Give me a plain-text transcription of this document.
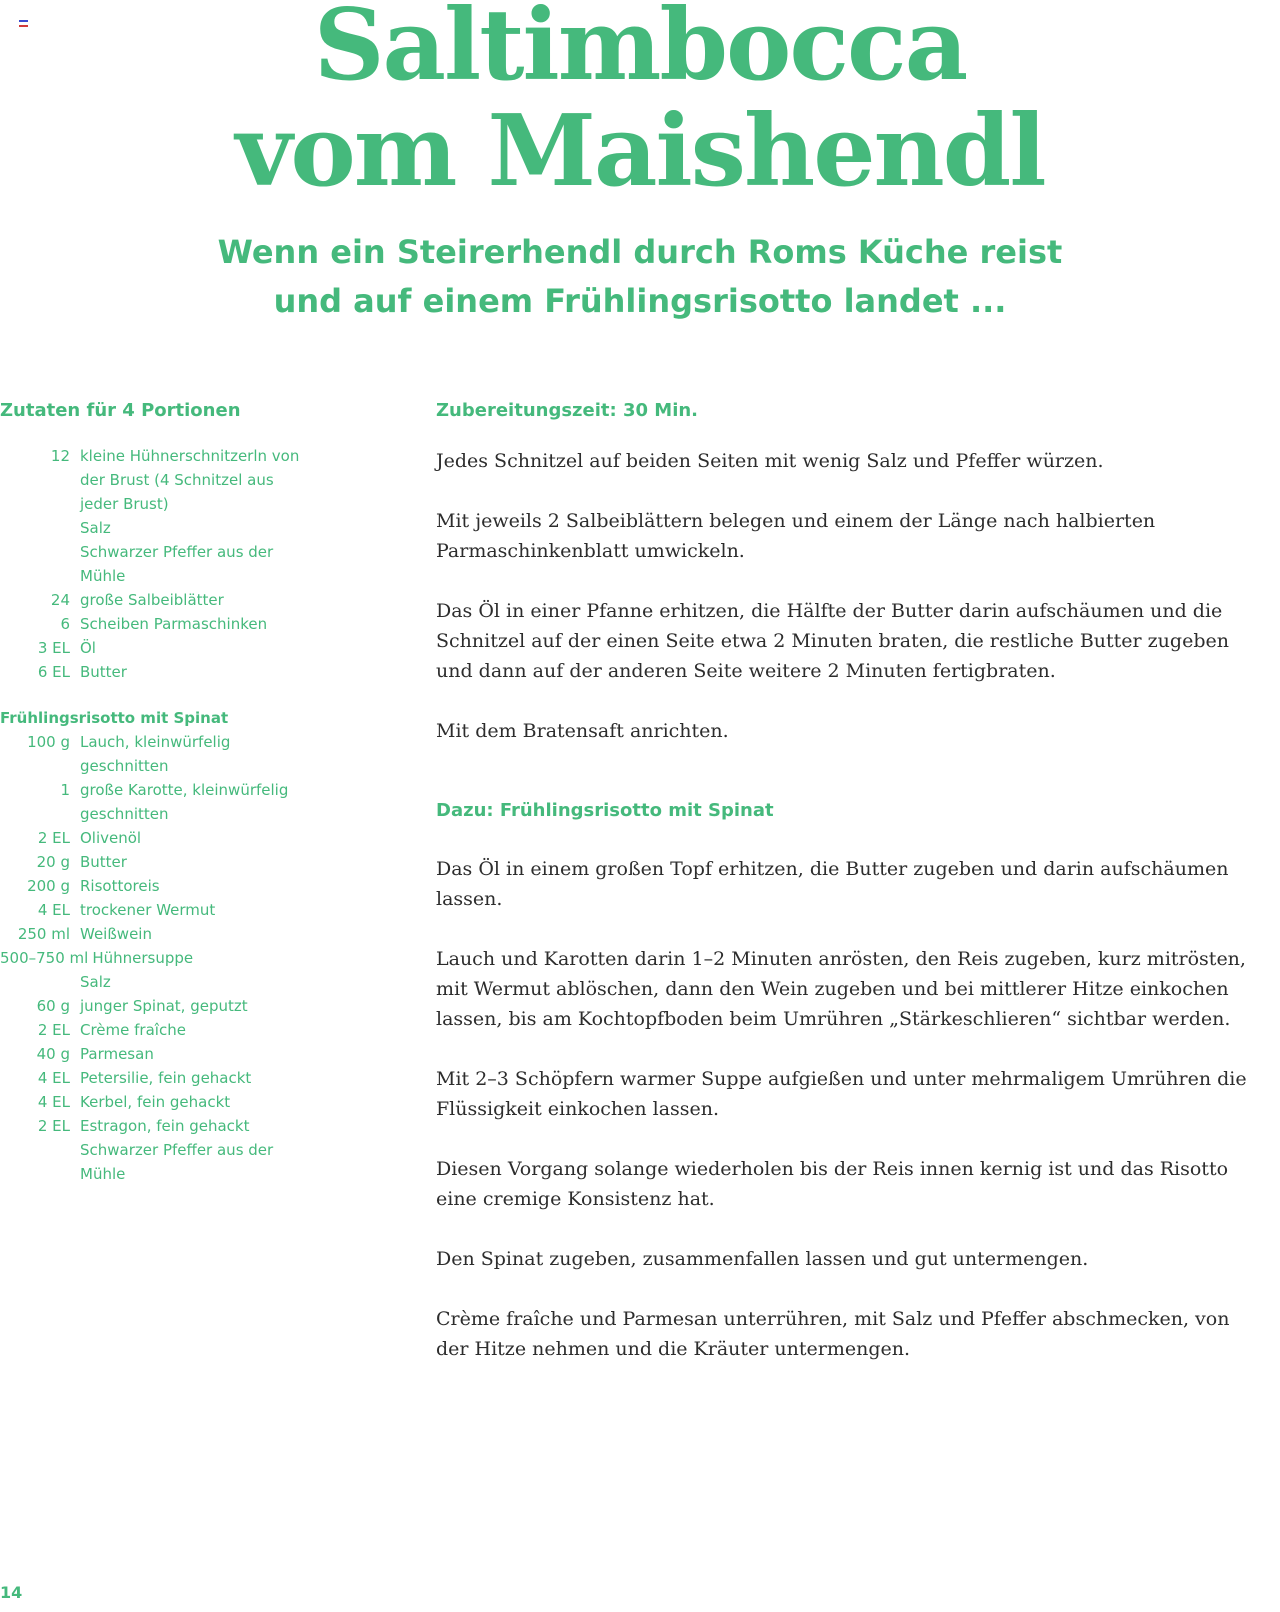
Saltimbocca
vom Maishendl
Wenn ein Steirerhendl durch Roms Küche reist
und auf einem Frühlingsrisotto landet ...
Zutaten für 4 Portionen
12 kleine Hühnerschnitzerln von der Brust (4 Schnitzel aus jeder Brust)
Salz
Schwarzer Pfeffer aus der Mühle
24 große Salbeiblätter
6 Scheiben Parmaschinken
3 EL Öl
6 EL Butter
Frühlingsrisotto mit Spinat
100 g Lauch, kleinwürfelig geschnitten
1 große Karotte, kleinwürfelig geschnitten
2 EL Olivenöl
20 g Butter
200 g Risottoreis
4 EL trockener Wermut
250 ml Weißwein
500–750 ml Hühnersuppe
Salz
60 g junger Spinat, geputzt
2 EL Crème fraîche
40 g Parmesan
4 EL Petersilie, fein gehackt
4 EL Kerbel, fein gehackt
2 EL Estragon, fein gehackt
Schwarzer Pfeffer aus der Mühle
Zubereitungszeit: 30 Min.

Jedes Schnitzel auf beiden Seiten mit wenig Salz und Pfeffer würzen.

Mit jeweils 2 Salbeiblättern belegen und einem der Länge nach halbierten Parmaschinkenblatt umwickeln.

Das Öl in einer Pfanne erhitzen, die Hälfte der Butter darin aufschäumen und die Schnitzel auf der einen Seite etwa 2 Minuten braten, die restliche Butter zugeben und dann auf der anderen Seite weitere 2 Minuten fertigbraten.

Mit dem Bratensaft anrichten.

Dazu: Frühlingsrisotto mit Spinat

Das Öl in einem großen Topf erhitzen, die Butter zugeben und darin aufschäumen lassen.

Lauch und Karotten darin 1–2 Minuten anrösten, den Reis zugeben, kurz mitrösten, mit Wermut ablöschen, dann den Wein zugeben und bei mittlerer Hitze einkochen lassen, bis am Kochtopfboden beim Umrühren „Stärkeschlieren“ sichtbar werden.

Mit 2–3 Schöpfern warmer Suppe aufgießen und unter mehrmaligem Umrühren die Flüssigkeit einkochen lassen.

Diesen Vorgang solange wiederholen bis der Reis innen kernig ist und das Risotto eine cremige Konsistenz hat.

Den Spinat zugeben, zusammenfallen lassen und gut untermengen.

Crème fraîche und Parmesan unterrühren, mit Salz und Pfeffer abschmecken, von der Hitze nehmen und die Kräuter untermengen.

14
